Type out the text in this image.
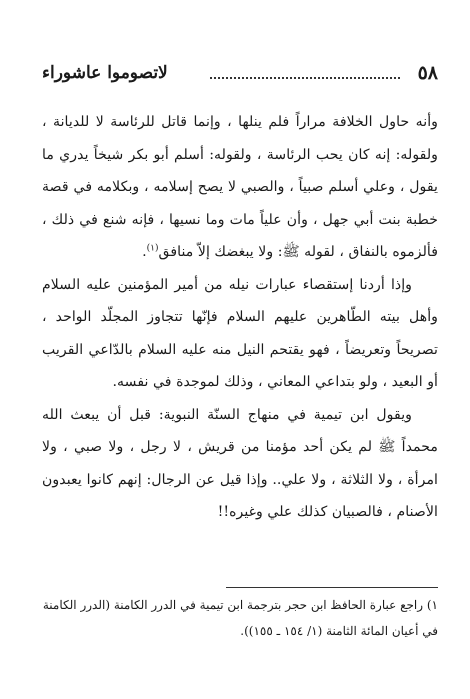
٥٨
لاتصوموا عاشوراء

وأنه حاول الخلافة مراراً فلم ينلها ، وإنما قاتل للرئاسة لا للديانة ، ولقوله: إنه كان يحب الرئاسة ، ولقوله: أسلم أبو بكر شيخاً يدري ما يقول ، وعلي أسلم صبياً ، والصبي لا يصح إسلامه ، وبكلامه في قصة خطبة بنت أبي جهل ، وأن علياً مات وما نسيها ، فإنه شنع في ذلك ، فألزموه بالنفاق ، لقوله ﷺ: ولا يبغضك إلاّ منافق$^{(١)}$.

وإذا أردنا إستقصاء عبارات نيله من أمير المؤمنين عليه السلام وأهل بيته الطّاهرين عليهم السلام فإنّها تتجاوز المجلّد الواحد ، تصريحاً وتعريضاً ، فهو يقتحم النيل منه عليه السلام بالدّاعي القريب أو البعيد ، ولو بتداعي المعاني ، وذلك لموجدة في نفسه.

ويقول ابن تيمية في منهاج السنّة النبوية: قبل أن يبعث الله محمداً ﷺ لم يكن أحد مؤمنا من قريش ، لا رجل ، ولا صبي ، ولا امرأة ، ولا الثلاثة ، ولا علي.. وإذا قيل عن الرجال: إنهم كانوا يعبدون الأصنام ، فالصبيان كذلك علي وغيره!!

١) راجع عبارة الحافظ ابن حجر بترجمة ابن تيمية في الدرر الكامنة (الدرر الكامنة في أعيان المائة الثامنة (١/ ١٥٤ ـ ١٥٥)).
